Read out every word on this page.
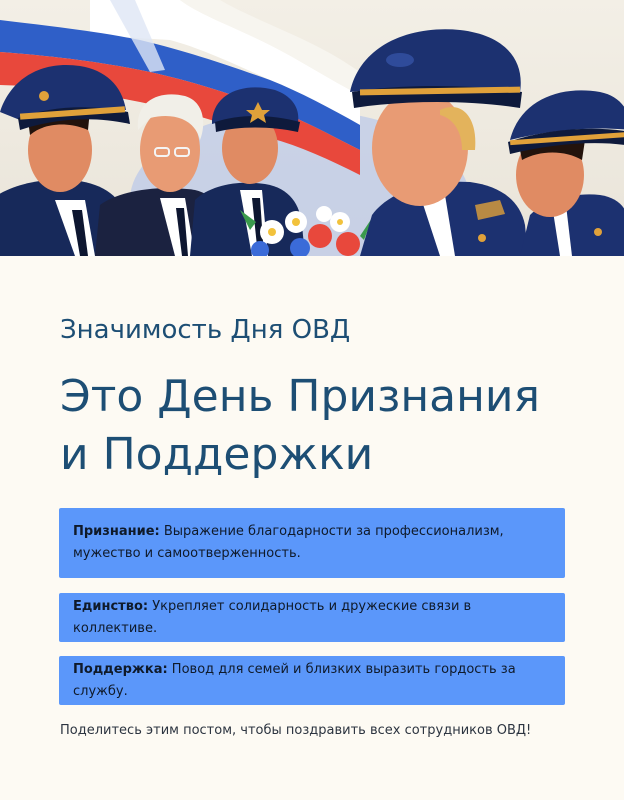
Значимость Дня ОВД
Это День Признания и Поддержки

Признание: Выражение благодарности за профессионализм, мужество и самоотверженность.

Единство: Укрепляет солидарность и дружеские связи в коллективе.

Поддержка: Повод для семей и близких выразить гордость за службу.

Поделитесь этим постом, чтобы поздравить всех сотрудников ОВД!
